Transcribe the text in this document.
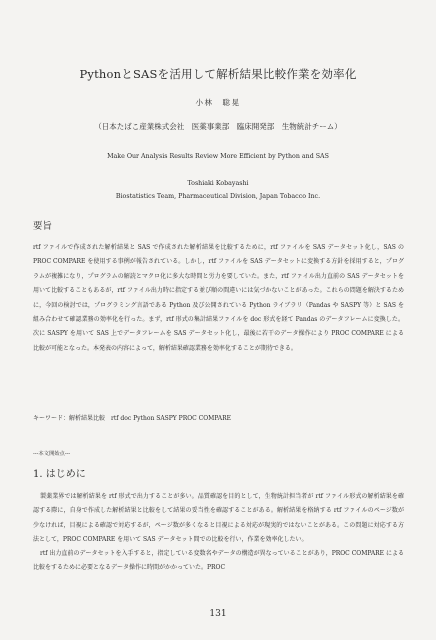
PythonとSASを活用して解析結果比較作業を効率化
小林　聡晃
（日本たばこ産業株式会社　医薬事業部　臨床開発部　生物統計チーム）
Make Our Analysis Results Review More Efficient by Python and SAS
Toshiaki Kobayashi
Biostatistics Team, Pharmaceutical Division, Japan Tobacco Inc.
要旨

rtf ファイルで作成された解析結果と SAS で作成された解析結果を比較するために，rtf ファイルを SAS データセット化し，SAS の PROC COMPARE を使用する事例が報告されている。しかし，rtf ファイルを SAS データセットに変換する方針を採用すると，プログラムが複雑になり，プログラムの解読とマクロ化に多大な時間と労力を要していた。また，rtf ファイル出力直前の SAS データセットを用いて比較することもあるが，rtf ファイル出力時に指定する並び順の間違いには気づかないことがあった。これらの問題を解決するために，今回の検討では，プログラミング言語である Python 及び公開されている Python ライブラリ（Pandas や SASPY 等）と SAS を組み合わせて確認業務の効率化を行った。まず，rtf 形式の集計結果ファイルを doc 形式を経て Pandas のデータフレームに変換した。次に SASPY を用いて SAS 上でデータフレームを SAS データセット化し，最後に若干のデータ操作により PROC COMPARE による比較が可能となった。本発表の内容によって，解析結果確認業務を効率化することが期待できる。

キーワード：解析結果比較　rtf doc Python SASPY PROC COMPARE
---本文開始点---
1. はじめに

製薬業界では解析結果を rtf 形式で出力することが多い。品質確認を目的として，生物統計担当者が rtf ファイル形式の解析結果を確認する際に，自身で作成した解析結果と比較をして結果の妥当性を確認することがある。解析結果を格納する rtf ファイルのページ数が少なければ，目視による確認で対応するが，ページ数が多くなると目視による対応が現実的ではないことがある。この問題に対応する方法として，PROC COMPARE を用いて SAS データセット間での比較を行い，作業を効率化したい。

rtf 出力直前のデータセットを入手すると，指定している変数名やデータの構造が異なっていることがあり，PROC COMPARE による比較をするために必要となるデータ操作に時間がかかっていた。PROC

131
